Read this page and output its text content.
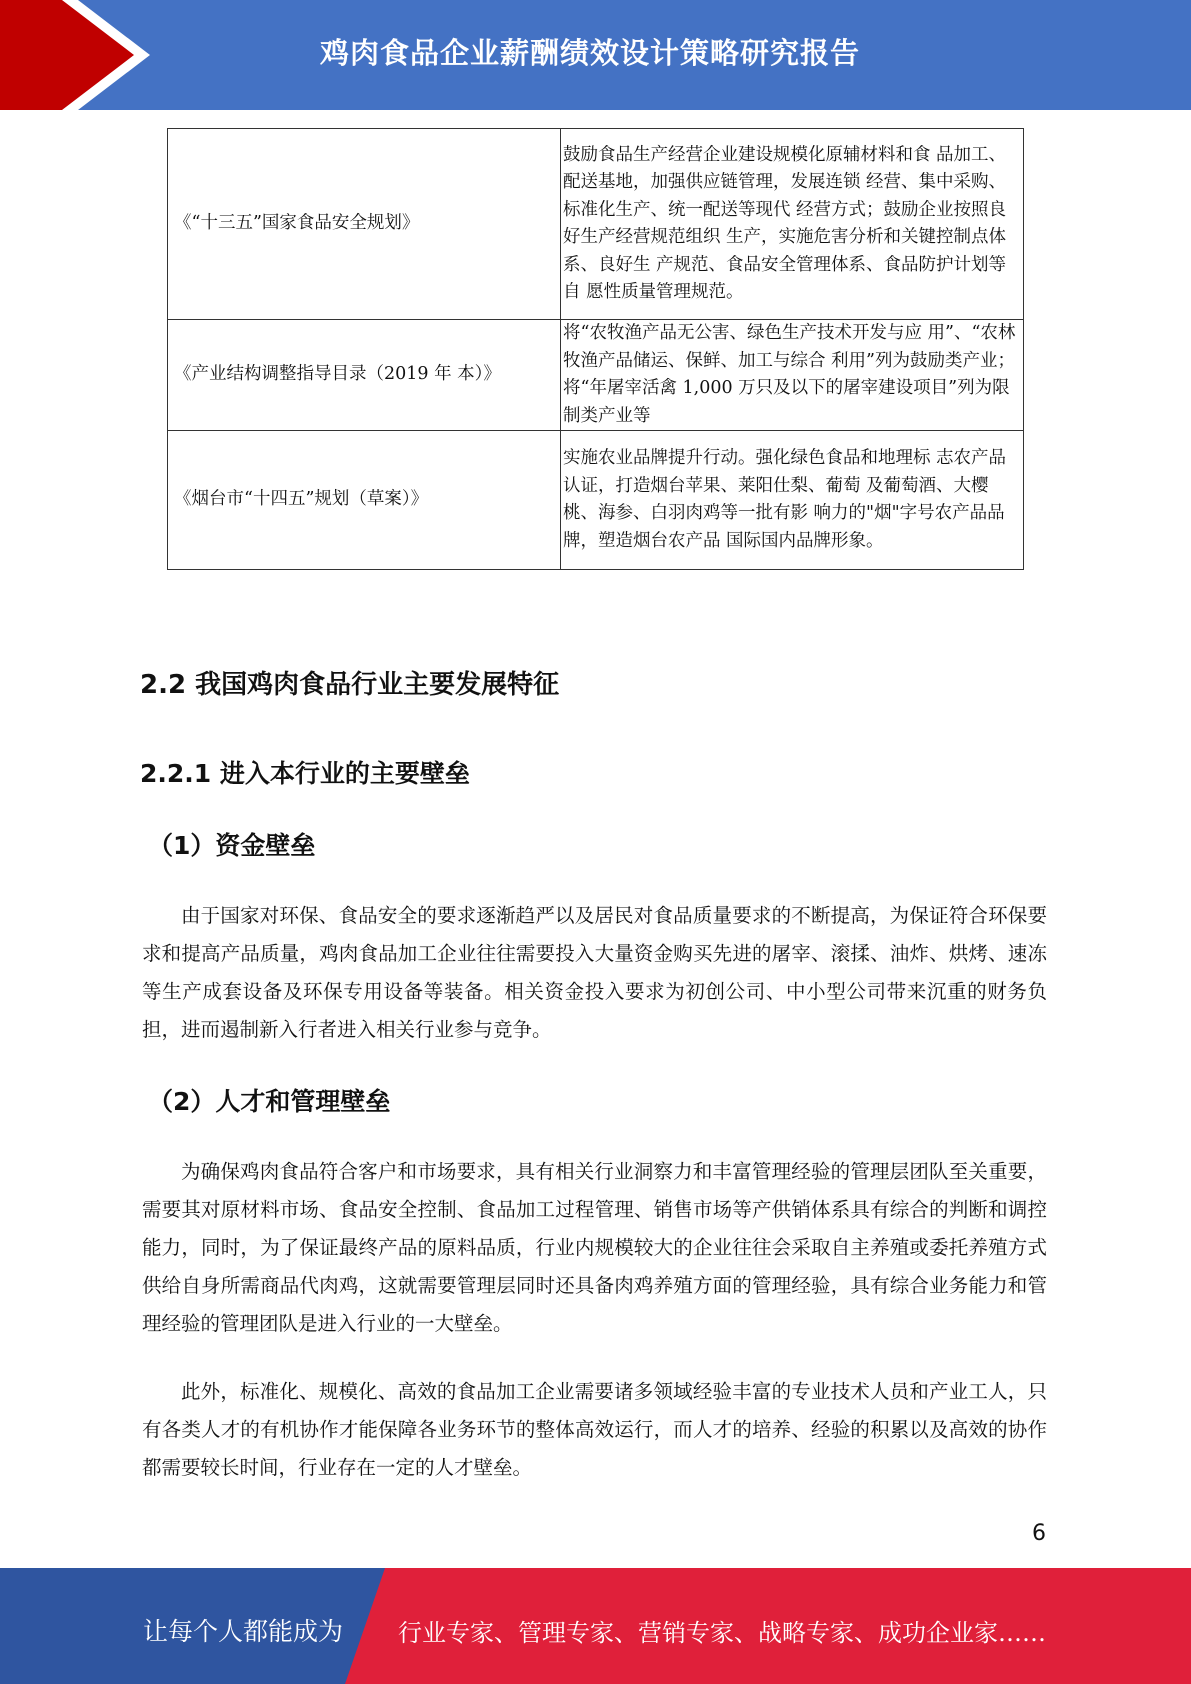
鸡肉食品企业薪酬绩效设计策略研究报告
《“十三五”国家食品安全规划》	鼓励食品生产经营企业建设规模化原辅材料和食 品加工、配送基地，加强供应链管理，发展连锁 经营、集中采购、标准化生产、统一配送等现代 经营方式；鼓励企业按照良好生产经营规范组织 生产，实施危害分析和关键控制点体系、良好生 产规范、食品安全管理体系、食品防护计划等自 愿性质量管理规范。
《产业结构调整指导目录（2019 年 本）》	将“农牧渔产品无公害、绿色生产技术开发与应 用”、“农林牧渔产品储运、保鲜、加工与综合 利用”列为鼓励类产业；将“年屠宰活禽 1,000 万只及以下的屠宰建设项目”列为限制类产业等
《烟台市“十四五”规划（草案）》	实施农业品牌提升行动。强化绿色食品和地理标 志农产品认证，打造烟台苹果、莱阳仕梨、葡萄 及葡萄酒、大樱桃、海参、白羽肉鸡等一批有影 响力的"烟"字号农产品品牌，塑造烟台农产品 国际国内品牌形象。
2.2 我国鸡肉食品行业主要发展特征
2.2.1 进入本行业的主要壁垒
（1）资金壁垒

由于国家对环保、食品安全的要求逐渐趋严以及居民对食品质量要求的不断提高，为保证符合环保要求和提高产品质量，鸡肉食品加工企业往往需要投入大量资金购买先进的屠宰、滚揉、油炸、烘烤、速冻等生产成套设备及环保专用设备等装备。相关资金投入要求为初创公司、中小型公司带来沉重的财务负担，进而遏制新入行者进入相关行业参与竞争。

（2）人才和管理壁垒

为确保鸡肉食品符合客户和市场要求，具有相关行业洞察力和丰富管理经验的管理层团队至关重要，需要其对原材料市场、食品安全控制、食品加工过程管理、销售市场等产供销体系具有综合的判断和调控能力，同时，为了保证最终产品的原料品质，行业内规模较大的企业往往会采取自主养殖或委托养殖方式供给自身所需商品代肉鸡，这就需要管理层同时还具备肉鸡养殖方面的管理经验，具有综合业务能力和管理经验的管理团队是进入行业的一大壁垒。

此外，标准化、规模化、高效的食品加工企业需要诸多领域经验丰富的专业技术人员和产业工人，只有各类人才的有机协作才能保障各业务环节的整体高效运行，而人才的培养、经验的积累以及高效的协作都需要较长时间，行业存在一定的人才壁垒。

6
让每个人都能成为 行业专家、管理专家、营销专家、战略专家、成功企业家……
